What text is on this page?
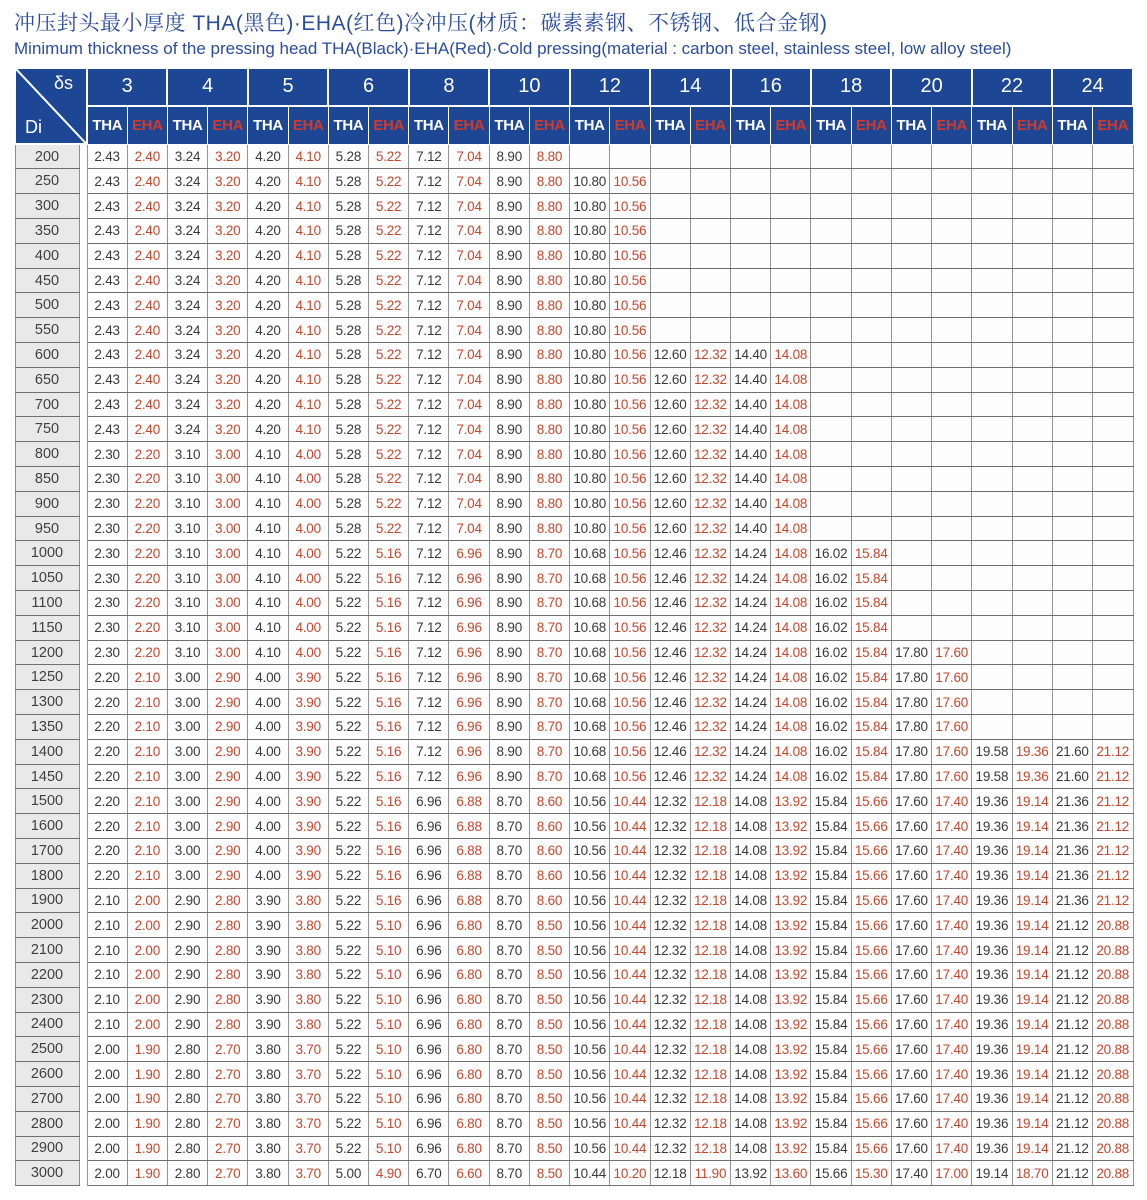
冲压封头最小厚度 THA(黑色)·EHA(红色)冷冲压(材质：碳素素钢、不锈钢、低合金钢)
Minimum thickness of the pressing head THA(Black)·EHA(Red)·Cold pressing(material : carbon steel, stainless steel, low alloy steel)
δs
Di		3		4		5		6		8		10		12		14		16		18		20		22		24	
		THA	EHA	THA	EHA	THA	EHA	THA	EHA	THA	EHA	THA	EHA	THA	EHA	THA	EHA	THA	EHA	THA	EHA	THA	EHA	THA	EHA	THA	EHA
200		2.43	2.40	3.24	3.20	4.20	4.10	5.28	5.22	7.12	7.04	8.90	8.80														
250		2.43	2.40	3.24	3.20	4.20	4.10	5.28	5.22	7.12	7.04	8.90	8.80	10.80	10.56												
300		2.43	2.40	3.24	3.20	4.20	4.10	5.28	5.22	7.12	7.04	8.90	8.80	10.80	10.56												
350		2.43	2.40	3.24	3.20	4.20	4.10	5.28	5.22	7.12	7.04	8.90	8.80	10.80	10.56												
400		2.43	2.40	3.24	3.20	4.20	4.10	5.28	5.22	7.12	7.04	8.90	8.80	10.80	10.56												
450		2.43	2.40	3.24	3.20	4.20	4.10	5.28	5.22	7.12	7.04	8.90	8.80	10.80	10.56												
500		2.43	2.40	3.24	3.20	4.20	4.10	5.28	5.22	7.12	7.04	8.90	8.80	10.80	10.56												
550		2.43	2.40	3.24	3.20	4.20	4.10	5.28	5.22	7.12	7.04	8.90	8.80	10.80	10.56												
600		2.43	2.40	3.24	3.20	4.20	4.10	5.28	5.22	7.12	7.04	8.90	8.80	10.80	10.56	12.60	12.32	14.40	14.08								
650		2.43	2.40	3.24	3.20	4.20	4.10	5.28	5.22	7.12	7.04	8.90	8.80	10.80	10.56	12.60	12.32	14.40	14.08								
700		2.43	2.40	3.24	3.20	4.20	4.10	5.28	5.22	7.12	7.04	8.90	8.80	10.80	10.56	12.60	12.32	14.40	14.08								
750		2.43	2.40	3.24	3.20	4.20	4.10	5.28	5.22	7.12	7.04	8.90	8.80	10.80	10.56	12.60	12.32	14.40	14.08								
800		2.30	2.20	3.10	3.00	4.10	4.00	5.28	5.22	7.12	7.04	8.90	8.80	10.80	10.56	12.60	12.32	14.40	14.08								
850		2.30	2.20	3.10	3.00	4.10	4.00	5.28	5.22	7.12	7.04	8.90	8.80	10.80	10.56	12.60	12.32	14.40	14.08								
900		2.30	2.20	3.10	3.00	4.10	4.00	5.28	5.22	7.12	7.04	8.90	8.80	10.80	10.56	12.60	12.32	14.40	14.08								
950		2.30	2.20	3.10	3.00	4.10	4.00	5.28	5.22	7.12	7.04	8.90	8.80	10.80	10.56	12.60	12.32	14.40	14.08								
1000		2.30	2.20	3.10	3.00	4.10	4.00	5.22	5.16	7.12	6.96	8.90	8.70	10.68	10.56	12.46	12.32	14.24	14.08	16.02	15.84						
1050		2.30	2.20	3.10	3.00	4.10	4.00	5.22	5.16	7.12	6.96	8.90	8.70	10.68	10.56	12.46	12.32	14.24	14.08	16.02	15.84						
1100		2.30	2.20	3.10	3.00	4.10	4.00	5.22	5.16	7.12	6.96	8.90	8.70	10.68	10.56	12.46	12.32	14.24	14.08	16.02	15.84						
1150		2.30	2.20	3.10	3.00	4.10	4.00	5.22	5.16	7.12	6.96	8.90	8.70	10.68	10.56	12.46	12.32	14.24	14.08	16.02	15.84						
1200		2.30	2.20	3.10	3.00	4.10	4.00	5.22	5.16	7.12	6.96	8.90	8.70	10.68	10.56	12.46	12.32	14.24	14.08	16.02	15.84	17.80	17.60				
1250		2.20	2.10	3.00	2.90	4.00	3.90	5.22	5.16	7.12	6.96	8.90	8.70	10.68	10.56	12.46	12.32	14.24	14.08	16.02	15.84	17.80	17.60				
1300		2.20	2.10	3.00	2.90	4.00	3.90	5.22	5.16	7.12	6.96	8.90	8.70	10.68	10.56	12.46	12.32	14.24	14.08	16.02	15.84	17.80	17.60				
1350		2.20	2.10	3.00	2.90	4.00	3.90	5.22	5.16	7.12	6.96	8.90	8.70	10.68	10.56	12.46	12.32	14.24	14.08	16.02	15.84	17.80	17.60				
1400		2.20	2.10	3.00	2.90	4.00	3.90	5.22	5.16	7.12	6.96	8.90	8.70	10.68	10.56	12.46	12.32	14.24	14.08	16.02	15.84	17.80	17.60	19.58	19.36	21.60	21.12
1450		2.20	2.10	3.00	2.90	4.00	3.90	5.22	5.16	7.12	6.96	8.90	8.70	10.68	10.56	12.46	12.32	14.24	14.08	16.02	15.84	17.80	17.60	19.58	19.36	21.60	21.12
1500		2.20	2.10	3.00	2.90	4.00	3.90	5.22	5.16	6.96	6.88	8.70	8.60	10.56	10.44	12.32	12.18	14.08	13.92	15.84	15.66	17.60	17.40	19.36	19.14	21.36	21.12
1600		2.20	2.10	3.00	2.90	4.00	3.90	5.22	5.16	6.96	6.88	8.70	8.60	10.56	10.44	12.32	12.18	14.08	13.92	15.84	15.66	17.60	17.40	19.36	19.14	21.36	21.12
1700		2.20	2.10	3.00	2.90	4.00	3.90	5.22	5.16	6.96	6.88	8.70	8.60	10.56	10.44	12.32	12.18	14.08	13.92	15.84	15.66	17.60	17.40	19.36	19.14	21.36	21.12
1800		2.20	2.10	3.00	2.90	4.00	3.90	5.22	5.16	6.96	6.88	8.70	8.60	10.56	10.44	12.32	12.18	14.08	13.92	15.84	15.66	17.60	17.40	19.36	19.14	21.36	21.12
1900		2.10	2.00	2.90	2.80	3.90	3.80	5.22	5.16	6.96	6.88	8.70	8.60	10.56	10.44	12.32	12.18	14.08	13.92	15.84	15.66	17.60	17.40	19.36	19.14	21.36	21.12
2000		2.10	2.00	2.90	2.80	3.90	3.80	5.22	5.10	6.96	6.80	8.70	8.50	10.56	10.44	12.32	12.18	14.08	13.92	15.84	15.66	17.60	17.40	19.36	19.14	21.12	20.88
2100		2.10	2.00	2.90	2.80	3.90	3.80	5.22	5.10	6.96	6.80	8.70	8.50	10.56	10.44	12.32	12.18	14.08	13.92	15.84	15.66	17.60	17.40	19.36	19.14	21.12	20.88
2200		2.10	2.00	2.90	2.80	3.90	3.80	5.22	5.10	6.96	6.80	8.70	8.50	10.56	10.44	12.32	12.18	14.08	13.92	15.84	15.66	17.60	17.40	19.36	19.14	21.12	20.88
2300		2.10	2.00	2.90	2.80	3.90	3.80	5.22	5.10	6.96	6.80	8.70	8.50	10.56	10.44	12.32	12.18	14.08	13.92	15.84	15.66	17.60	17.40	19.36	19.14	21.12	20.88
2400		2.10	2.00	2.90	2.80	3.90	3.80	5.22	5.10	6.96	6.80	8.70	8.50	10.56	10.44	12.32	12.18	14.08	13.92	15.84	15.66	17.60	17.40	19.36	19.14	21.12	20.88
2500		2.00	1.90	2.80	2.70	3.80	3.70	5.22	5.10	6.96	6.80	8.70	8.50	10.56	10.44	12.32	12.18	14.08	13.92	15.84	15.66	17.60	17.40	19.36	19.14	21.12	20.88
2600		2.00	1.90	2.80	2.70	3.80	3.70	5.22	5.10	6.96	6.80	8.70	8.50	10.56	10.44	12.32	12.18	14.08	13.92	15.84	15.66	17.60	17.40	19.36	19.14	21.12	20.88
2700		2.00	1.90	2.80	2.70	3.80	3.70	5.22	5.10	6.96	6.80	8.70	8.50	10.56	10.44	12.32	12.18	14.08	13.92	15.84	15.66	17.60	17.40	19.36	19.14	21.12	20.88
2800		2.00	1.90	2.80	2.70	3.80	3.70	5.22	5.10	6.96	6.80	8.70	8.50	10.56	10.44	12.32	12.18	14.08	13.92	15.84	15.66	17.60	17.40	19.36	19.14	21.12	20.88
2900		2.00	1.90	2.80	2.70	3.80	3.70	5.22	5.10	6.96	6.80	8.70	8.50	10.56	10.44	12.32	12.18	14.08	13.92	15.84	15.66	17.60	17.40	19.36	19.14	21.12	20.88
3000		2.00	1.90	2.80	2.70	3.80	3.70	5.00	4.90	6.70	6.60	8.70	8.50	10.44	10.20	12.18	11.90	13.92	13.60	15.66	15.30	17.40	17.00	19.14	18.70	21.12	20.88
